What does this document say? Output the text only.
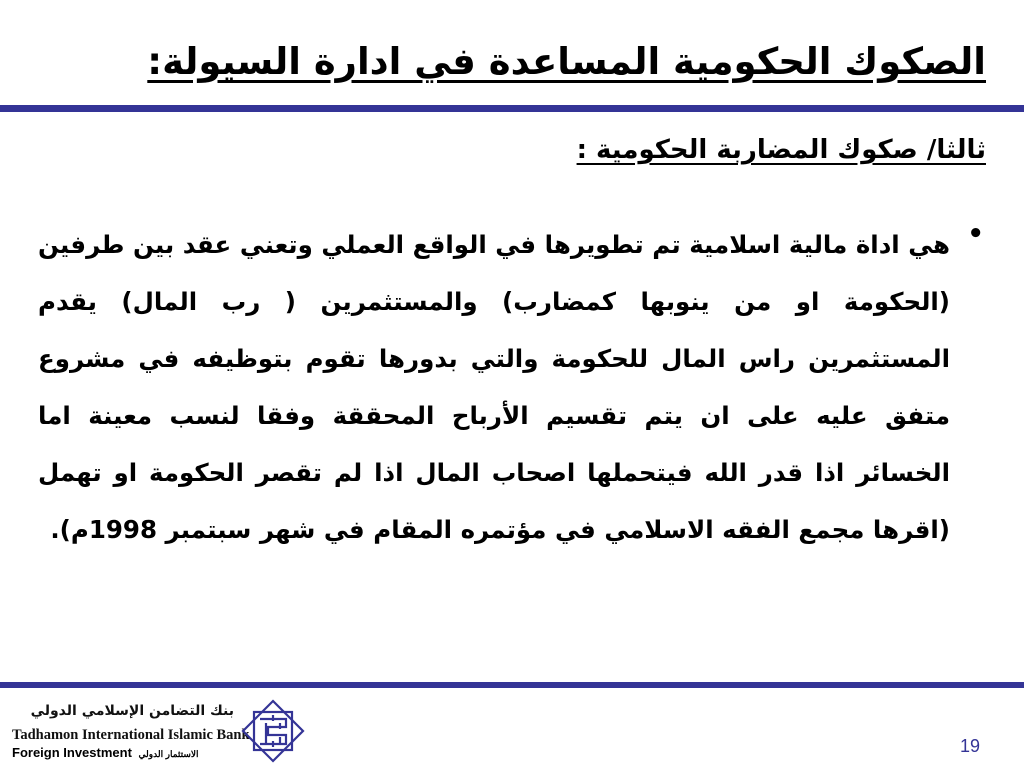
الصكوك الحكومية المساعدة في ادارة السيولة:
ثالثا/ صكوك المضاربة الحكومية :
•
هي اداة مالية اسلامية تم تطويرها في الواقع العملي وتعني عقد بين طرفين (الحكومة او من ينوبها كمضارب) والمستثمرين ( رب المال) يقدم المستثمرين راس المال للحكومة والتي بدورها تقوم بتوظيفه في مشروع متفق عليه على ان يتم تقسيم الأرباح المحققة وفقا لنسب معينة اما الخسائر اذا قدر الله فيتحملها اصحاب المال اذا لم تقصر الحكومة او تهمل (اقرها مجمع الفقه الاسلامي في مؤتمره المقام في شهر سبتمبر 1998م).
بنك التضامن الإسلامي الدولي
Tadhamon International Islamic Bank
Foreign Investment الاستثمار الدولي	19
